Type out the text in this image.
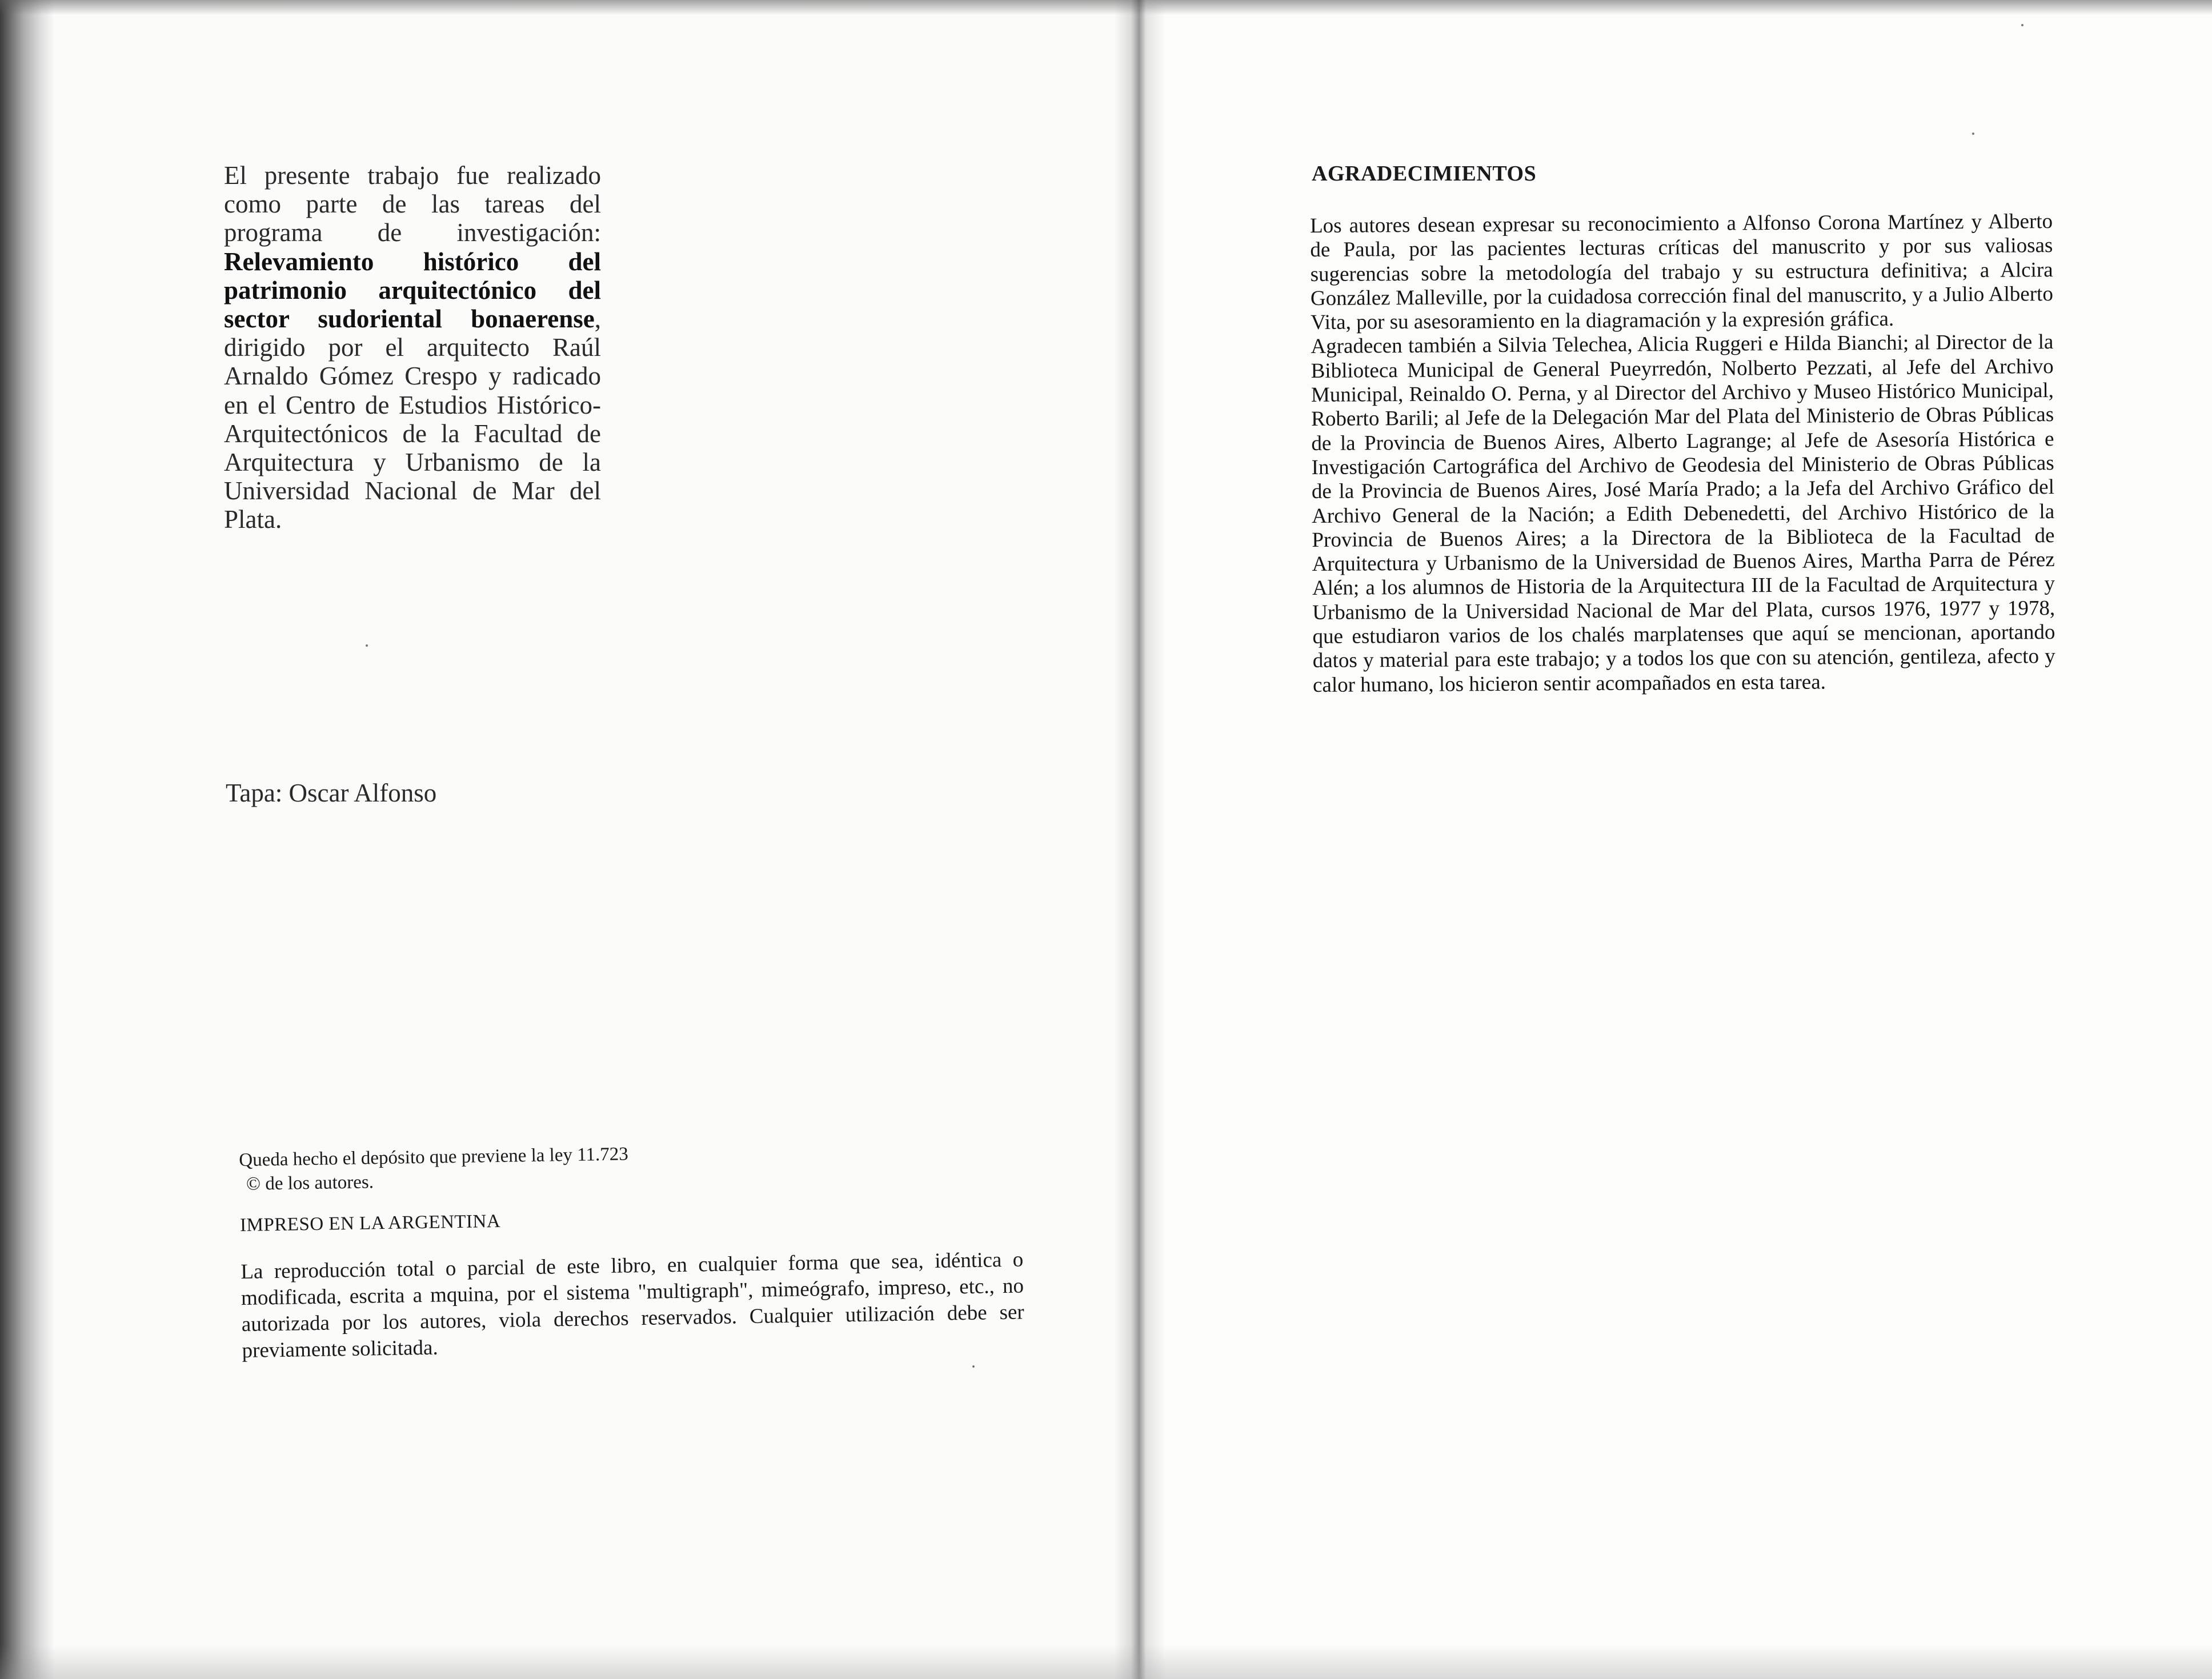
El presente trabajo fue realizado como parte de las tareas del programa de investigación: Relevamiento histórico del patrimonio arquitectónico del sector sudoriental bonaerense, dirigido por el arquitecto Raúl Arnaldo Gómez Crespo y radicado en el Centro de Estudios Histórico-Arquitectónicos de la Facultad de Arquitectura y Urbanismo de la Universidad Nacional de Mar del Plata.

Tapa: Oscar Alfonso

Queda hecho el depósito que previene la ley 11.723

© de los autores.

IMPRESO EN LA ARGENTINA

La reproducción total o parcial de este libro, en cualquier forma que sea, idéntica o modificada, escrita a mquina, por el sistema "multigraph", mimeógrafo, impreso, etc., no autorizada por los autores, viola derechos reservados. Cualquier utilización debe ser previamente solicitada.

AGRADECIMIENTOS

Los autores desean expresar su reconocimiento a Alfonso Corona Martínez y Alberto de Paula, por las pacientes lecturas críticas del manuscrito y por sus valiosas sugerencias sobre la metodología del trabajo y su estructura definitiva; a Alcira González Malleville, por la cuidadosa corrección final del manuscrito, y a Julio Alberto Vita, por su asesoramiento en la diagramación y la expresión gráfica.

Agradecen también a Silvia Telechea, Alicia Ruggeri e Hilda Bianchi; al Director de la Biblioteca Municipal de General Pueyrredón, Nolberto Pezzati, al Jefe del Archivo Municipal, Reinaldo O. Perna, y al Director del Archivo y Museo Histórico Municipal, Roberto Barili; al Jefe de la Delegación Mar del Plata del Ministerio de Obras Públicas de la Provincia de Buenos Aires, Alberto Lagrange; al Jefe de Asesoría Histórica e Investigación Cartográfica del Archivo de Geodesia del Ministerio de Obras Públicas de la Provincia de Buenos Aires, José María Prado; a la Jefa del Archivo Gráfico del Archivo General de la Nación; a Edith Debenedetti, del Archivo Histórico de la Provincia de Buenos Aires; a la Directora de la Biblioteca de la Facultad de Arquitectura y Urbanismo de la Universidad de Buenos Aires, Martha Parra de Pérez Alén; a los alumnos de Historia de la Arquitectura III de la Facultad de Arquitectura y Urbanismo de la Universidad Nacional de Mar del Plata, cursos 1976, 1977 y 1978, que estudiaron varios de los chalés marplatenses que aquí se mencionan, aportando datos y material para este trabajo; y a todos los que con su atención, gentileza, afecto y calor humano, los hicieron sentir acompañados en esta tarea.
